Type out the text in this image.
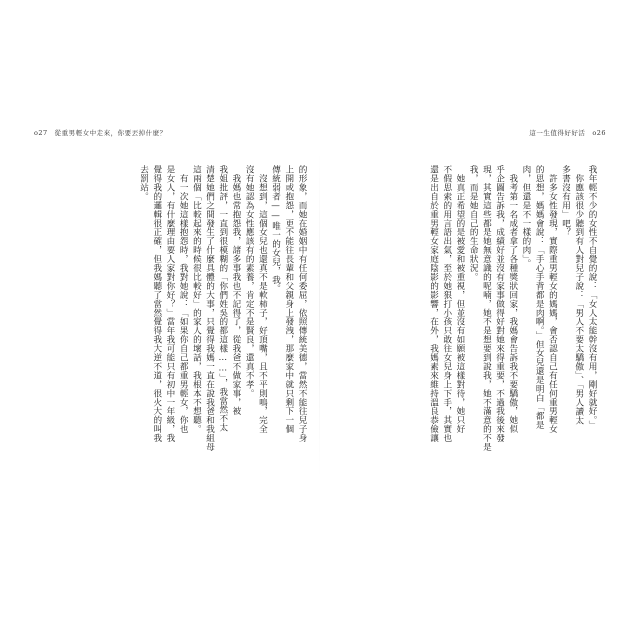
o27　從重男輕女中走來，你要丟掉什麼？	這一生值得好好活　o26
我年輕不少的女性不自覺的說：「女人太能幹沒有用，剛好就好。」
　你應該很少聽到有人對兒子說：「男人不要太驕傲」、「男人讀太
多書沒有用」吧？
　許多女性發現，實際重男輕女的媽媽，會否認自己有任何重男輕女
的思想，媽媽會說：「手心手背都是肉啊。」但女兒還是明白「都是
肉，但還是不一樣的肉」。
　我考第一名成者拿了各種獎狀回家，我媽會告訴我不要驕傲，她似
乎企圖告訴我，成績好並沒有家事做得好對她來得重要，不過我後來發
現，其實這些都是她無意識的呢喃，她不是想要到說我，她不滿意的不是
我，而是她自己的生命狀況。
　她真正希望的是被愛和被重視，但並沒有如願被這樣對待，她只好
不假思索的用言語出氣，至於她狠打小孩只敢往女兒身上下手，其實也
還是出自於重男輕女家庭陰影的影響，在外，我媽素來維持溫良恭儉讓
的形象，而她在婚姻中有任何委屈，依照傳統美德，當然不能往兒子身
上開或抱怨，更不能往長輩和父親身上發洩，那麼家中就只剩下一個
傳統弱者——唯一的女兒，我。
　沒想到，這個女兒也還真不是軟柿子，好頂嘴，且不平則鳴，完全
沒有她認為女性應該有的素養，肯定不是賢良，還真不孝。
　我媽也常抱怨我，諸多事我也不記得了，從我爸不做家事，被
我姐批評，一直到很模糊的「你們姓吳的都這樣……」，我當然不太
清楚她們之間發生了什麼具體的大事，只覺得我媽一直在說我爸和我組母
這兩個「比較起來的時候很比較好」的家人的壞話，我根本不想聽。
　有一次她這樣抱怨時，我對她說：「如果你自己都重男輕女，你也
是女人，有什麼理由要人家對你好？」當年我可能只有初中一年級，我
覺得我的邏輯很正確，但我媽聽了當然覺得我大逆不道，很火大的叫我
去罰站。
